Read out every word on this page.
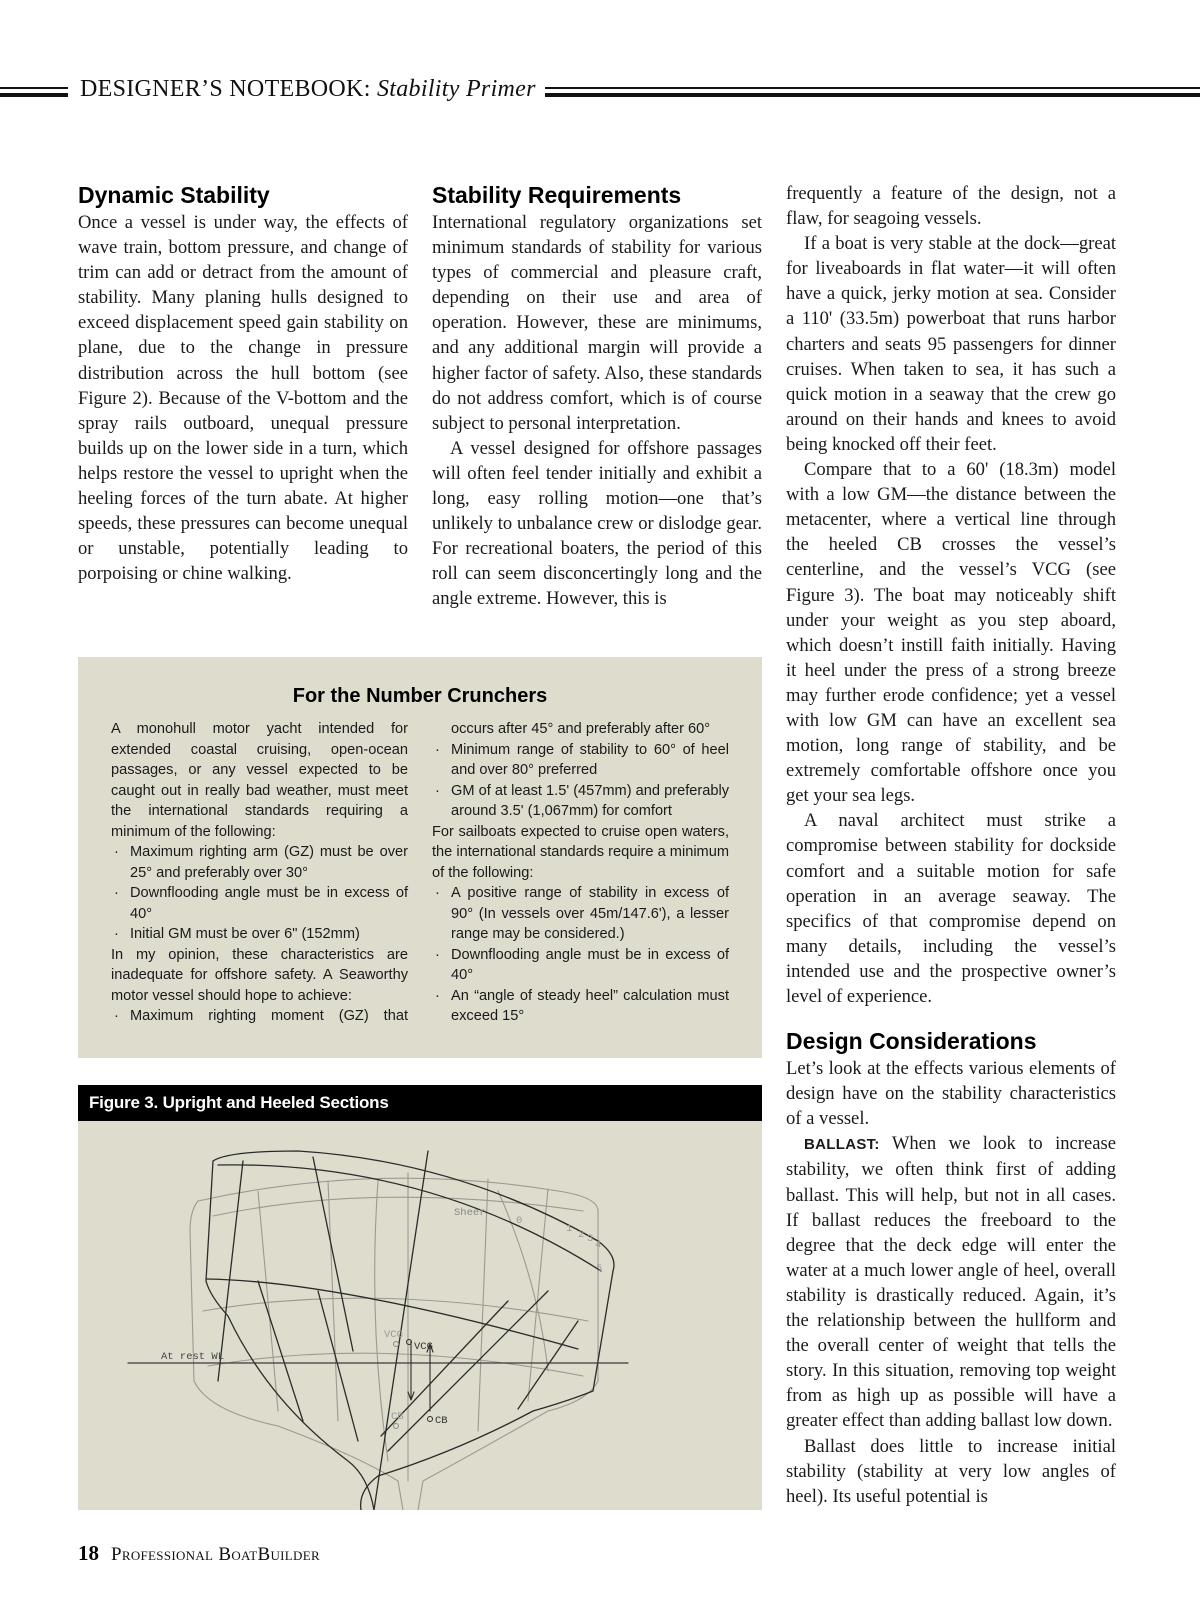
DESIGNER’S NOTEBOOK: Stability Primer
Dynamic Stability

Once a vessel is under way, the effects of wave train, bottom pressure, and change of trim can add or detract from the amount of stability. Many planing hulls designed to exceed displacement speed gain stability on plane, due to the change in pressure distribution across the hull bottom (see Figure 2). Because of the V-bottom and the spray rails outboard, unequal pressure builds up on the lower side in a turn, which helps restore the vessel to upright when the heeling forces of the turn abate. At higher speeds, these pressures can become unequal or unstable, potentially leading to porpoising or chine walking.

Stability Requirements

International regulatory organizations set minimum standards of stability for various types of commercial and pleasure craft, depending on their use and area of operation. However, these are minimums, and any additional margin will provide a higher factor of safety. Also, these standards do not address comfort, which is of course subject to personal interpretation.

A vessel designed for offshore passages will often feel tender initially and exhibit a long, easy rolling motion—one that’s unlikely to unbalance crew or dislodge gear. For recreational boaters, the period of this roll can seem disconcertingly long and the angle extreme. However, this is

frequently a feature of the design, not a flaw, for seagoing vessels.

If a boat is very stable at the dock—great for liveaboards in flat water—it will often have a quick, jerky motion at sea. Consider a 110' (33.5m) powerboat that runs harbor charters and seats 95 passengers for dinner cruises. When taken to sea, it has such a quick motion in a seaway that the crew go around on their hands and knees to avoid being knocked off their feet.

Compare that to a 60' (18.3m) model with a low GM—the distance between the metacenter, where a vertical line through the heeled CB crosses the vessel’s centerline, and the vessel’s VCG (see Figure 3). The boat may noticeably shift under your weight as you step aboard, which doesn’t instill faith initially. Having it heel under the press of a strong breeze may further erode confidence; yet a vessel with low GM can have an excellent sea motion, long range of stability, and be extremely comfortable offshore once you get your sea legs.

A naval architect must strike a compromise between stability for dockside comfort and a suitable motion for safe operation in an average seaway. The specifics of that compromise depend on many details, including the vessel’s intended use and the prospective owner’s level of experience.

Design Considerations

Let’s look at the effects various elements of design have on the stability characteristics of a vessel.

BALLAST: When we look to increase stability, we often think first of adding ballast. This will help, but not in all cases. If ballast reduces the freeboard to the degree that the deck edge will enter the water at a much lower angle of heel, overall stability is drastically reduced. Again, it’s the relationship between the hullform and the overall center of weight that tells the story. In this situation, removing top weight from as high up as possible will have a greater effect than adding ballast low down.

Ballast does little to increase initial stability (stability at very low angles of heel). Its useful potential is

For the Number Crunchers

A monohull motor yacht intended for extended coastal cruising, open-ocean passages, or any vessel expected to be caught out in really bad weather, must meet the international standards requiring a minimum of the following:

· Maximum righting arm (GZ) must be over 25° and preferably over 30°
· Downflooding angle must be in excess of 40°
· Initial GM must be over 6" (152mm)

In my opinion, these characteristics are inadequate for offshore safety. A Seaworthy motor vessel should hope to achieve:

· Maximum righting moment (GZ) that
occurs after 45° and preferably after 60°
· Minimum range of stability to 60° of heel and over 80° preferred
· GM of at least 1.5' (457mm) and preferably around 3.5' (1,067mm) for comfort

For sailboats expected to cruise open waters, the international standards require a minimum of the following:

· A positive range of stability in excess of 90° (In vessels over 45m/147.6'), a lesser range may be considered.)
· Downflooding angle must be in excess of 40°
· An “angle of steady heel” calculation must exceed 15°
Figure 3. Upright and Heeled Sections
Sheer
0
1 2 3 4
5
VCG
VCG
CB	CB
At rest WL
18 Professional BoatBuilder
